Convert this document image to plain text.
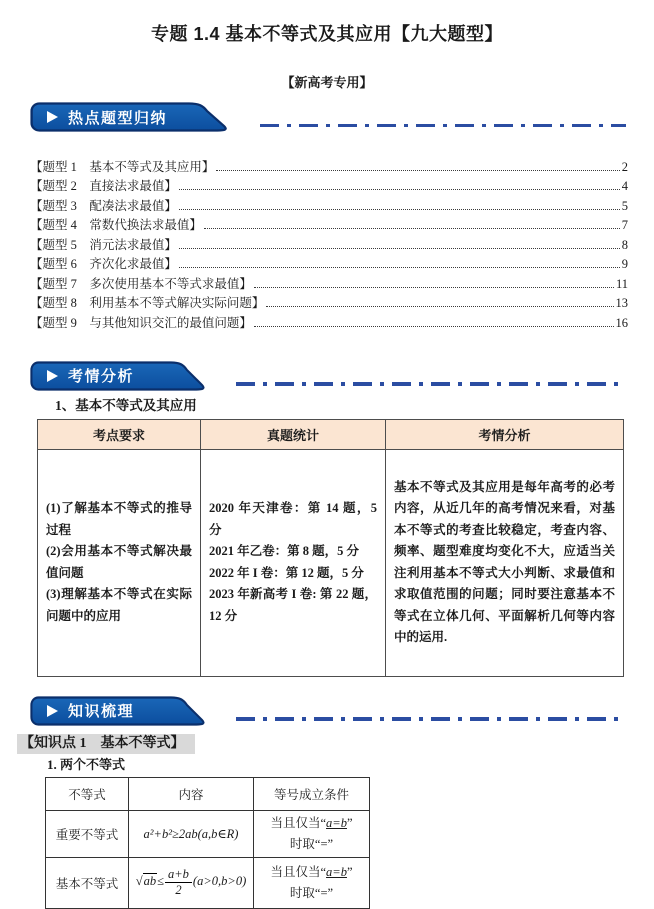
专题 1.4 基本不等式及其应用【九大题型】
【新高考专用】
热点题型归纳
【题型 1　基本不等式及其应用】	2
【题型 2　直接法求最值】	4
【题型 3　配凑法求最值】	5
【题型 4　常数代换法求最值】	7
【题型 5　消元法求最值】	8
【题型 6　齐次化求最值】	9
【题型 7　多次使用基本不等式求最值】	11
【题型 8　利用基本不等式解决实际问题】	13
【题型 9　与其他知识交汇的最值问题】	16
考情分析
1、基本不等式及其应用
考点要求	真题统计	考情分析

(1)了解基本不等式的推导过程
(2)会用基本不等式解决最值问题
(3)理解基本不等式在实际问题中的应用

2020 年天津卷：第 14 题，5 分
2021 年乙卷：第 8 题，5 分
2022 年 I 卷：第 12 题，5 分
2023 年新高考 I 卷: 第 22 题，12 分
	基本不等式及其应用是每年高考的必考内容，从近几年的高考情况来看，对基本不等式的考查比较稳定，考查内容、频率、题型难度均变化不大，应适当关注利用基本不等式大小判断、求最值和求取值范围的问题；同时要注意基本不等式在立体几何、平面解析几何等内容中的运用.
知识梳理
【知识点 1　基本不等式】
1. 两个不等式
不等式	内容	等号成立条件
重要不等式	a²+b²≥2ab(a,b∈R)	当且仅当“a=b”
时取“=”
基本不等式	$√ab\le \frac{a+b}{2} (a>0,b>0)$	当且仅当“a=b”
时取“=”
